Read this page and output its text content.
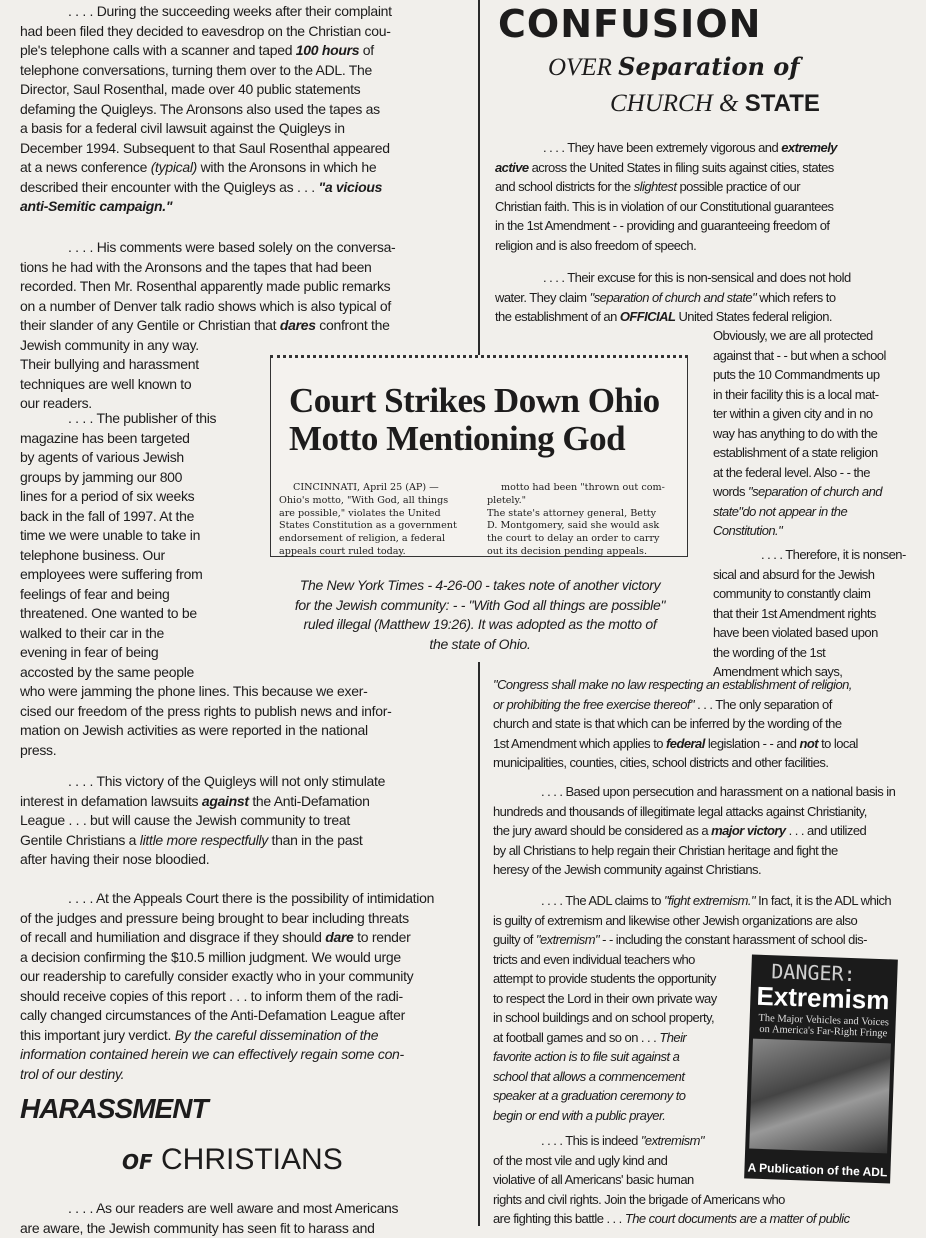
. . . . During the succeeding weeks after their complaint
had been filed they decided to eavesdrop on the Christian cou-
ple's telephone calls with a scanner and taped 100 hours of
telephone conversations, turning them over to the ADL. The
Director, Saul Rosenthal, made over 40 public statements
defaming the Quigleys. The Aronsons also used the tapes as
a basis for a federal civil lawsuit against the Quigleys in
December 1994. Subsequent to that Saul Rosenthal appeared
at a news conference (typical) with the Aronsons in which he
described their encounter with the Quigleys as . . . "a vicious
anti-Semitic campaign."
. . . . His comments were based solely on the conversa-
tions he had with the Aronsons and the tapes that had been
recorded. Then Mr. Rosenthal apparently made public remarks
on a number of Denver talk radio shows which is also typical of
their slander of any Gentile or Christian that dares confront the
Jewish community in any way.
Their bullying and harassment
techniques are well known to
our readers.
. . . . The publisher of this
magazine has been targeted
by agents of various Jewish
groups by jamming our 800
lines for a period of six weeks
back in the fall of 1997. At the
time we were unable to take in
telephone business. Our
employees were suffering from
feelings of fear and being
threatened. One wanted to be
walked to their car in the
evening in fear of being
accosted by the same people
who were jamming the phone lines. This because we exer-
cised our freedom of the press rights to publish news and infor-
mation on Jewish activities as were reported in the national
press.
. . . . This victory of the Quigleys will not only stimulate
interest in defamation lawsuits against the Anti-Defamation
League . . . but will cause the Jewish community to treat
Gentile Christians a little more respectfully than in the past
after having their nose bloodied.
. . . . At the Appeals Court there is the possibility of intimidation
of the judges and pressure being brought to bear including threats
of recall and humiliation and disgrace if they should dare to render
a decision confirming the $10.5 million judgment. We would urge
our readership to carefully consider exactly who in your community
should receive copies of this report . . . to inform them of the radi-
cally changed circumstances of the Anti-Defamation League after
this important jury verdict. By the careful dissemination of the
information contained herein we can effectively regain some con-
trol of our destiny.
HARASSMENT
OF CHRISTIANS
. . . . As our readers are well aware and most Americans
are aware, the Jewish community has seen fit to harass and
CONFUSION
OVER Separation of
CHURCH & STATE
. . . . They have been extremely vigorous and extremely
active across the United States in filing suits against cities, states
and school districts for the slightest possible practice of our
Christian faith. This is in violation of our Constitutional guarantees
in the 1st Amendment - - providing and guaranteeing freedom of
religion and is also freedom of speech.
. . . . Their excuse for this is non-sensical and does not hold
water. They claim "separation of church and state" which refers to
the establishment of an OFFICIAL United States federal religion.
Obviously, we are all protected
against that - - but when a school
puts the 10 Commandments up
in their facility this is a local mat-
ter within a given city and in no
way has anything to do with the
establishment of a state religion
at the federal level. Also - - the
words "separation of church and
state"do not appear in the
Constitution."
. . . . Therefore, it is nonsen-
sical and absurd for the Jewish
community to constantly claim
that their 1st Amendment rights
have been violated based upon
the wording of the 1st
Amendment which says,
"Congress shall make no law respecting an establishment of religion,
or prohibiting the free exercise thereof" . . . The only separation of
church and state is that which can be inferred by the wording of the
1st Amendment which applies to federal legislation - - and not to local
municipalities, counties, cities, school districts and other facilities.
. . . . Based upon persecution and harassment on a national basis in
hundreds and thousands of illegitimate legal attacks against Christianity,
the jury award should be considered as a major victory . . . and utilized
by all Christians to help regain their Christian heritage and fight the
heresy of the Jewish community against Christians.
. . . . The ADL claims to "fight extremism." In fact, it is the ADL which
is guilty of extremism and likewise other Jewish organizations are also
guilty of "extremism" - - including the constant harassment of school dis-
tricts and even individual teachers who
attempt to provide students the opportunity
to respect the Lord in their own private way
in school buildings and on school property,
at football games and so on . . . Their
favorite action is to file suit against a
school that allows a commencement
speaker at a graduation ceremony to
begin or end with a public prayer.
. . . . This is indeed "extremism"
of the most vile and ugly kind and
violative of all Americans' basic human
rights and civil rights. Join the brigade of Americans who
are fighting this battle . . . The court documents are a matter of public
Court Strikes Down Ohio
Motto Mentioning God
CINCINNATI, April 25 (AP) —
Ohio's motto, "With God, all things
are possible," violates the United
States Constitution as a government
endorsement of religion, a federal
appeals court ruled today.
motto had been "thrown out com-
pletely."
The state's attorney general, Betty
D. Montgomery, said she would ask
the court to delay an order to carry
out its decision pending appeals.
The New York Times - 4-26-00 - takes note of another victory
for the Jewish community: - - "With God all things are possible"
ruled illegal (Matthew 19:26). It was adopted as the motto of
the state of Ohio.
DANGER:
Extremism
The Major Vehicles and Voices on America's Far-Right Fringe
A Publication of the ADL
